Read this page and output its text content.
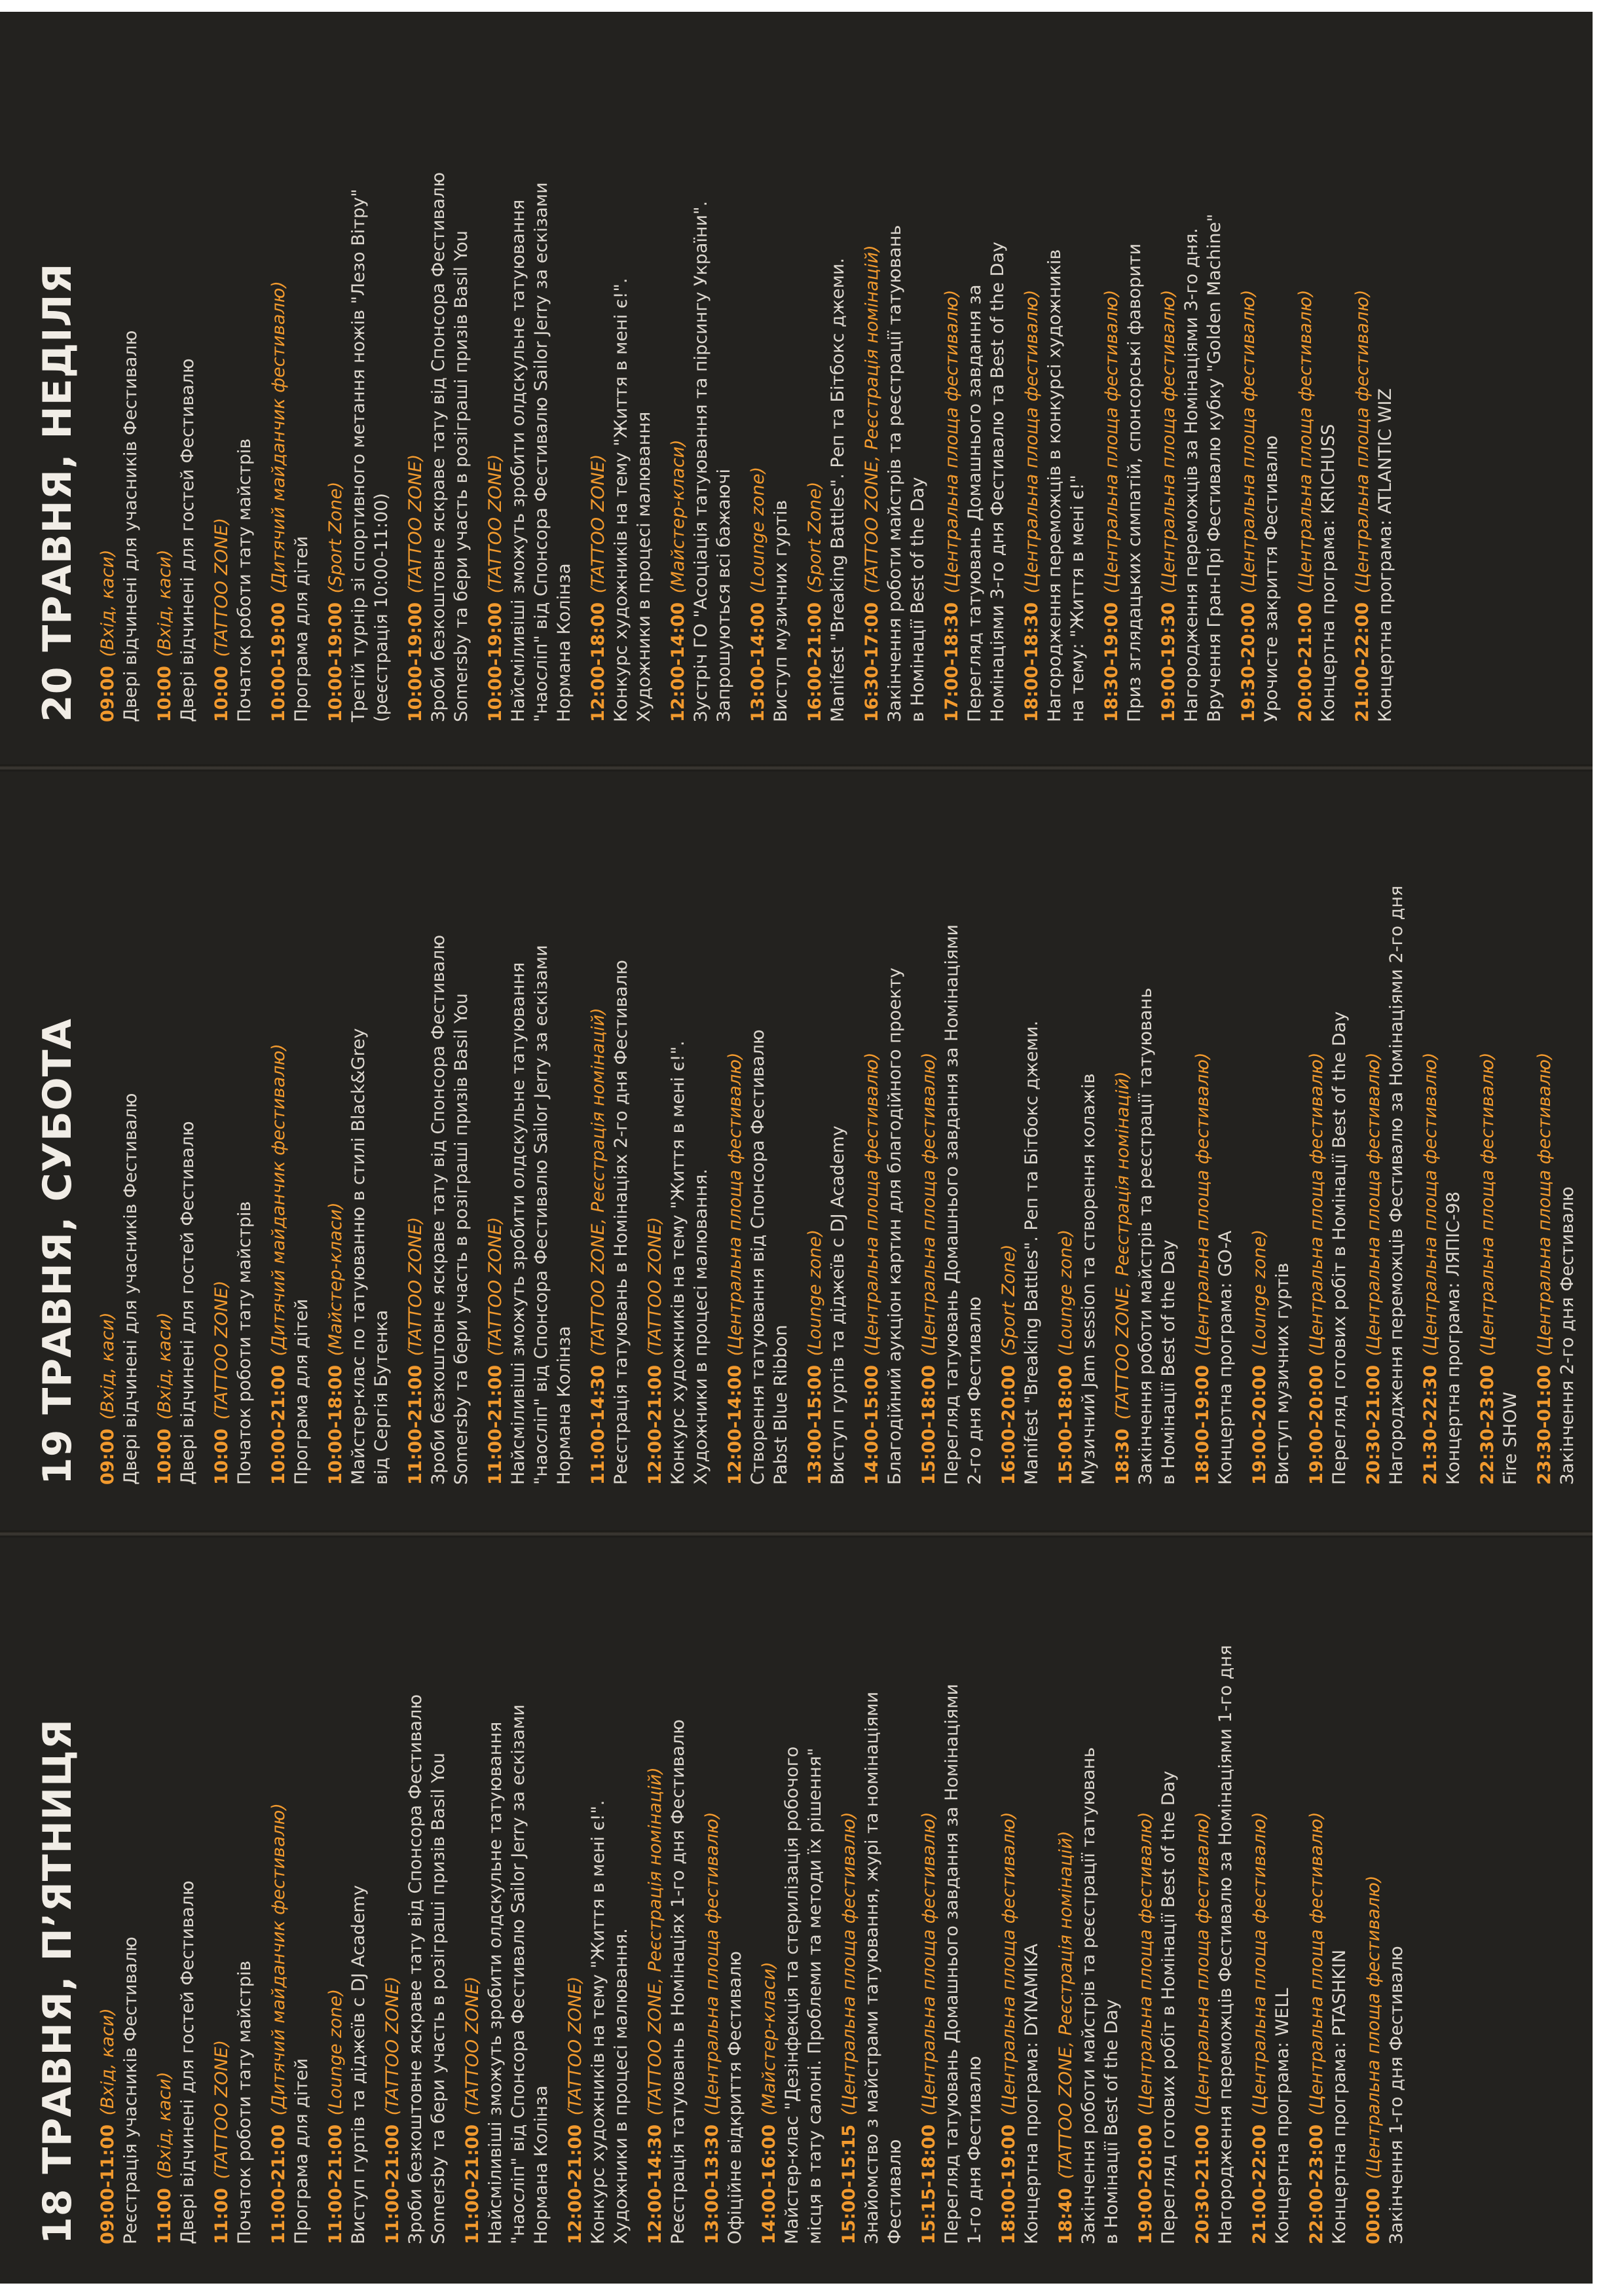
18 ТРАВНЯ, П’ЯТНИЦЯ 09:00-11:00 (Вхід, каси) Реєстрація учасників Фестивалю 11:00 (Вхід, каси) Двері відчинені для гостей Фестивалю 11:00 (TATTOO ZONE) Початок роботи тату майстрів 11:00-21:00 (Дитячий майданчик фестивалю)
Програма для дітей 11:00-21:00 (Lounge zone) Виступ гуртів та діджеїв с DJ Academy 11:00-21:00 (TATTOO ZONE) Зроби безкоштовне яскраве тату від Спонсора Фестивалю Somersby та бери участь в розіграші призів Basil You 11:00-21:00 (TATTOO ZONE) Найсміливіші зможуть зробити олдскульне татуювання "наосліп" від Спонсора Фестивалю Sailor Jerry за ескізами Нормана Колінза 12:00-21:00 (TATTOO ZONE) Конкурс художників на тему "Життя в мені є!". Художники в процесі малювання. 12:00-14:30 (TATTOO ZONE, Реєстрація номінацій) Реєстрація татуювань в Номінаціях 1-го дня Фестивалю 13:00-13:30 (Центральна площа фестивалю) Офіційне відкриття Фестивалю 14:00-16:00 (Майстер-класи) Майстер-клас "Дезінфекція та стерилізація робочого місця в тату салоні. Проблеми та методи їх рішення" 15:00-15:15 (Центральна площа фестивалю) Знайомство з майстрами татуювання, журі та номінаціями Фестивалю 15:15-18:00 (Центральна площа фестивалю) Перегляд татуювань Домашнього завдання за Номінаціями 1-го дня Фестивалю 18:00-19:00 (Центральна площа фестивалю) Концертна програма: DYNAMIKA 18:40 (TATTOO ZONE, Реєстрація номінацій) Закінчення роботи майстрів та реєстрації татуювань в Номінації Best of the Day 19:00-20:00 (Центральна площа фестивалю) Перегляд готових робіт в Номінації Best of the Day 20:30-21:00 (Центральна площа фестивалю) Нагородження переможців Фестивалю за Номінаціями 1-го дня 21:00-22:00 (Центральна площа фестивалю)
Концертна програма: WELL 22:00-23:00 (Центральна площа фестивалю) Концертна програма: PTASHKIN 00:00 (Центральна площа фестивалю) Закінчення 1-го дня Фестивалю
19 ТРАВНЯ, СУБОТА 09:00 (Вхід, каси) Двері відчинені для учасників Фестивалю 10:00 (Вхід, каси) Двері відчинені для гостей Фестивалю 10:00 (TATTOO ZONE) Початок роботи тату майстрів 10:00-21:00 (Дитячий майданчик фестивалю)
Програма для дітей 10:00-18:00 (Майстер-класи) Майстер-клас по татуюванню в стилі Black&Grey від Сергія Бутенка 11:00-21:00 (TATTOO ZONE) Зроби безкоштовне яскраве тату від Спонсора Фестивалю Somersby та бери участь в розіграші призів Basil You 11:00-21:00 (TATTOO ZONE) Найсміливіші зможуть зробити олдскульне татуювання "наосліп" від Спонсора Фестивалю Sailor Jerry за ескізами Нормана Колінза 11:00-14:30 (TATTOO ZONE, Реєстрація номінацій) Реєстрація татуювань в Номінаціях 2-го дня Фестивалю 12:00-21:00 (TATTOO ZONE) Конкурс художників на тему "Життя в мені є!". Художники в процесі малювання. 12:00-14:00 (Центральна площа фестивалю) Створення татуювання від Спонсора Фестивалю Pabst Blue Ribbon 13:00-15:00 (Lounge zone) Виступ гуртів та діджеїв с DJ Academy 14:00-15:00 (Центральна площа фестивалю) Благодійний аукціон картин для благодійного проекту 15:00-18:00 (Центральна площа фестивалю) Перегляд татуювань Домашнього завдання за Номінаціями 2-го дня Фестивалю 16:00-20:00 (Sport Zone) Manifest "Breaking Battles". Реп та Бітбокс джеми. 15:00-18:00 (Lounge zone) Музичний Jam session та створення колажів 18:30 (TATTOO ZONE, Реєстрація номінацій) Закінчення роботи майстрів та реєстрації татуювань в Номінації Best of the Day 18:00-19:00 (Центральна площа фестивалю)
Концертна програма: GO-A 19:00-20:00 (Lounge zone) Виступ музичних гуртів 19:00-20:00 (Центральна площа фестивалю) Перегляд готових робіт в Номінації Best of the Day 20:30-21:00 (Центральна площа фестивалю) Нагородження переможців Фестивалю за Номінаціями 2-го дня 21:30-22:30 (Центральна площа фестивалю) Концертна програма: ЛЯПІС-98 22:30-23:00 (Центральна площа фестивалю)
Fire SHOW 23:30-01:00 (Центральна площа фестивалю) Закінчення 2-го дня Фестивалю
20 ТРАВНЯ, НЕДІЛЯ 09:00 (Вхід, каси) Двері відчинені для учасників Фестивалю 10:00 (Вхід, каси) Двері відчинені для гостей Фестивалю 10:00 (TATTOO ZONE) Початок роботи тату майстрів 10:00-19:00 (Дитячий майданчик фестивалю)
Програма для дітей 10:00-19:00 (Sport Zone) Третій турнір зі спортивного метання ножів "Лезо Вітру" (реєстрація 10:00-11:00) 10:00-19:00 (TATTOO ZONE) Зроби безкоштовне яскраве тату від Спонсора Фестивалю Somersby та бери участь в розіграші призів Basil You 10:00-19:00 (TATTOO ZONE) Найсміливіші зможуть зробити олдскульне татуювання "наосліп" від Спонсора Фестивалю Sailor Jerry за ескізами Нормана Колінза 12:00-18:00 (TATTOO ZONE) Конкурс художників на тему "Життя в мені є!". Художники в процесі малювання 12:00-14:00 (Майстер-класи) Зустріч ГО "Асоціація татуювання та пірсингу України". Запрошуються всі бажаючі 13:00-14:00 (Lounge zone) Виступ музичних гуртів 16:00-21:00 (Sport Zone) Manifest "Breaking Battles". Реп та Бітбокс джеми. 16:30-17:00 (TATTOO ZONE, Реєстрація номінацій) Закінчення роботи майстрів та реєстрації татуювань в Номінації Best of the Day 17:00-18:30 (Центральна площа фестивалю) Перегляд татуювань Домашнього завдання за Номінаціями 3-го дня Фестивалю та Best of the Day 18:00-18:30 (Центральна площа фестивалю) Нагородження переможців в конкурсі художників на тему: "Життя в мені є!" 18:30-19:00 (Центральна площа фестивалю) Приз зглядацьких симпатій, спонсорські фаворити 19:00-19:30 (Центральна площа фестивалю) Нагородження переможців за Номінаціями 3-го дня. Вручення Гран-Прі Фестивалю кубку "Golden Machine" 19:30-20:00 (Центральна площа фестивалю) Урочисте закриття Фестивалю 20:00-21:00 (Центральна площа фестивалю) Концертна програма: KRICHUSS 21:00-22:00 (Центральна площа фестивалю) Концертна програма: ATLANTIC WIZ
